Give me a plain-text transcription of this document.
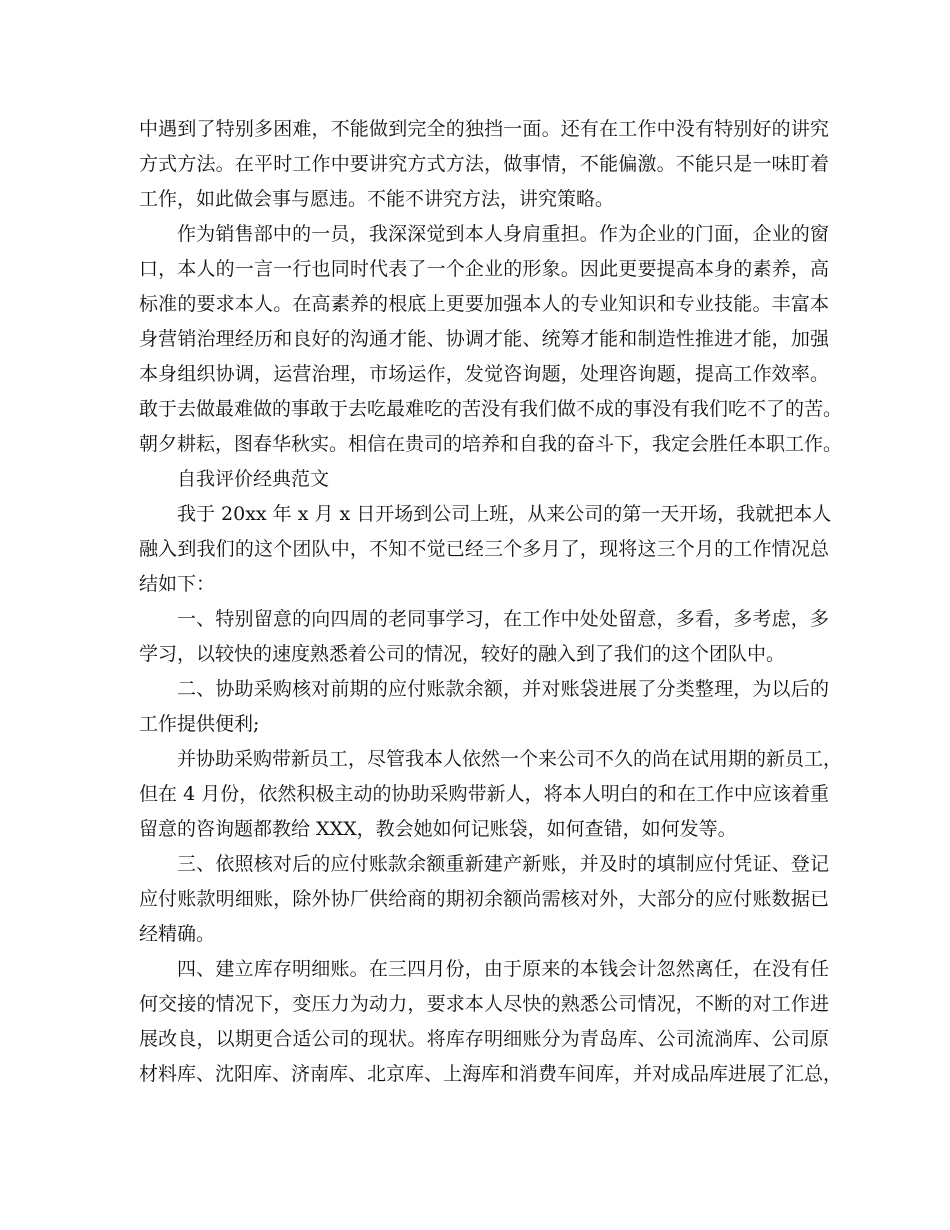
中遇到了特别多困难，不能做到完全的独挡一面。还有在工作中没有特别好的讲究
方式方法。在平时工作中要讲究方式方法，做事情，不能偏激。不能只是一味盯着
工作，如此做会事与愿违。不能不讲究方法，讲究策略。
作为销售部中的一员，我深深觉到本人身肩重担。作为企业的门面，企业的窗
口，本人的一言一行也同时代表了一个企业的形象。因此更要提高本身的素养，高
标准的要求本人。在高素养的根底上更要加强本人的专业知识和专业技能。丰富本
身营销治理经历和良好的沟通才能、协调才能、统筹才能和制造性推进才能，加强
本身组织协调，运营治理，市场运作，发觉咨询题，处理咨询题，提高工作效率。
敢于去做最难做的事敢于去吃最难吃的苦没有我们做不成的事没有我们吃不了的苦。
朝夕耕耘，图春华秋实。相信在贵司的培养和自我的奋斗下，我定会胜任本职工作。
自我评价经典范文
我于 20xx 年 x 月 x 日开场到公司上班，从来公司的第一天开场，我就把本人
融入到我们的这个团队中，不知不觉已经三个多月了，现将这三个月的工作情况总
结如下：
一、特别留意的向四周的老同事学习，在工作中处处留意，多看，多考虑，多
学习，以较快的速度熟悉着公司的情况，较好的融入到了我们的这个团队中。
二、协助采购核对前期的应付账款余额，并对账袋进展了分类整理，为以后的
工作提供便利;
并协助采购带新员工，尽管我本人依然一个来公司不久的尚在试用期的新员工，
但在 4 月份，依然积极主动的协助采购带新人，将本人明白的和在工作中应该着重
留意的咨询题都教给 XXX，教会她如何记账袋，如何查错，如何发等。
三、依照核对后的应付账款余额重新建产新账，并及时的填制应付凭证、登记
应付账款明细账，除外协厂供给商的期初余额尚需核对外，大部分的应付账数据已
经精确。
四、建立库存明细账。在三四月份，由于原来的本钱会计忽然离任，在没有任
何交接的情况下，变压力为动力，要求本人尽快的熟悉公司情况，不断的对工作进
展改良，以期更合适公司的现状。将库存明细账分为青岛库、公司流淌库、公司原
材料库、沈阳库、济南库、北京库、上海库和消费车间库，并对成品库进展了汇总，
